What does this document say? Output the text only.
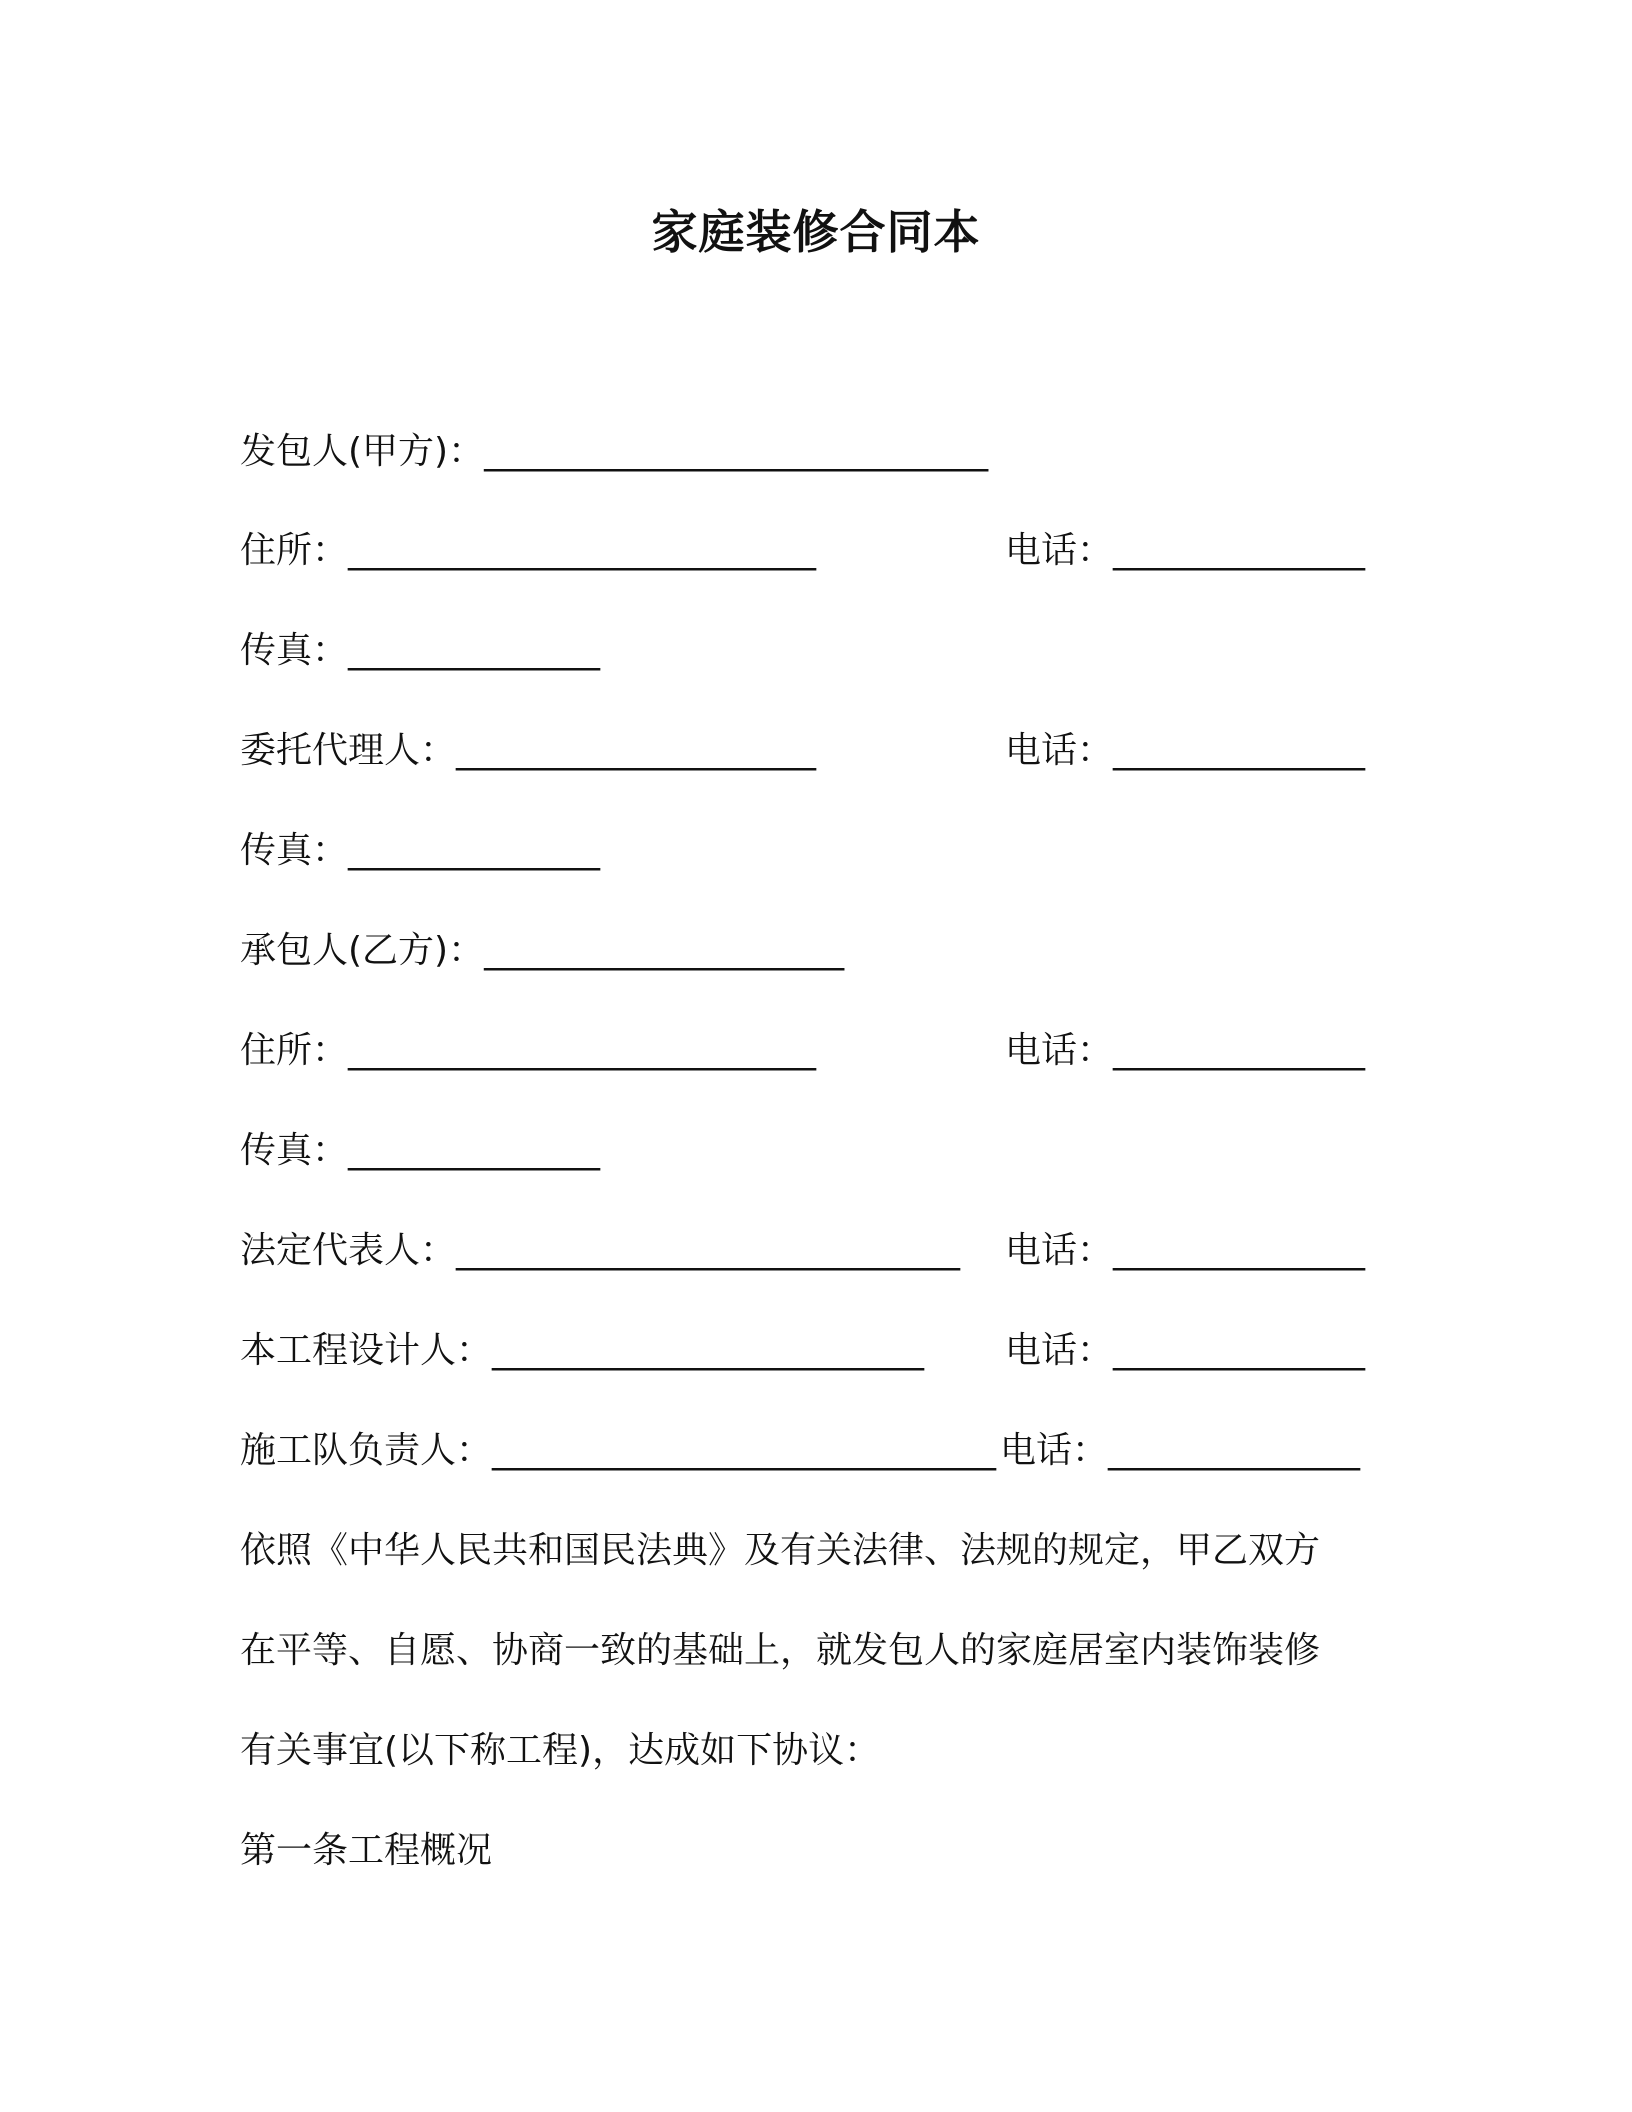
家庭装修合同本
发包人(甲方)：____________________________
住所：__________________________	电话：______________
传真：______________
委托代理人：____________________	电话：______________
传真：______________
承包人(乙方)：____________________
住所：__________________________	电话：______________
传真：______________
法定代表人：____________________________ 电话：______________
本工程设计人：________________________ 电话：______________
施工队负责人：____________________________ 电话：______________
依照《中华人民共和国民法典》及有关法律、法规的规定，甲乙双方
在平等、自愿、协商一致的基础上，就发包人的家庭居室内装饰装修
有关事宜(以下称工程)，达成如下协议：
第一条工程概况
